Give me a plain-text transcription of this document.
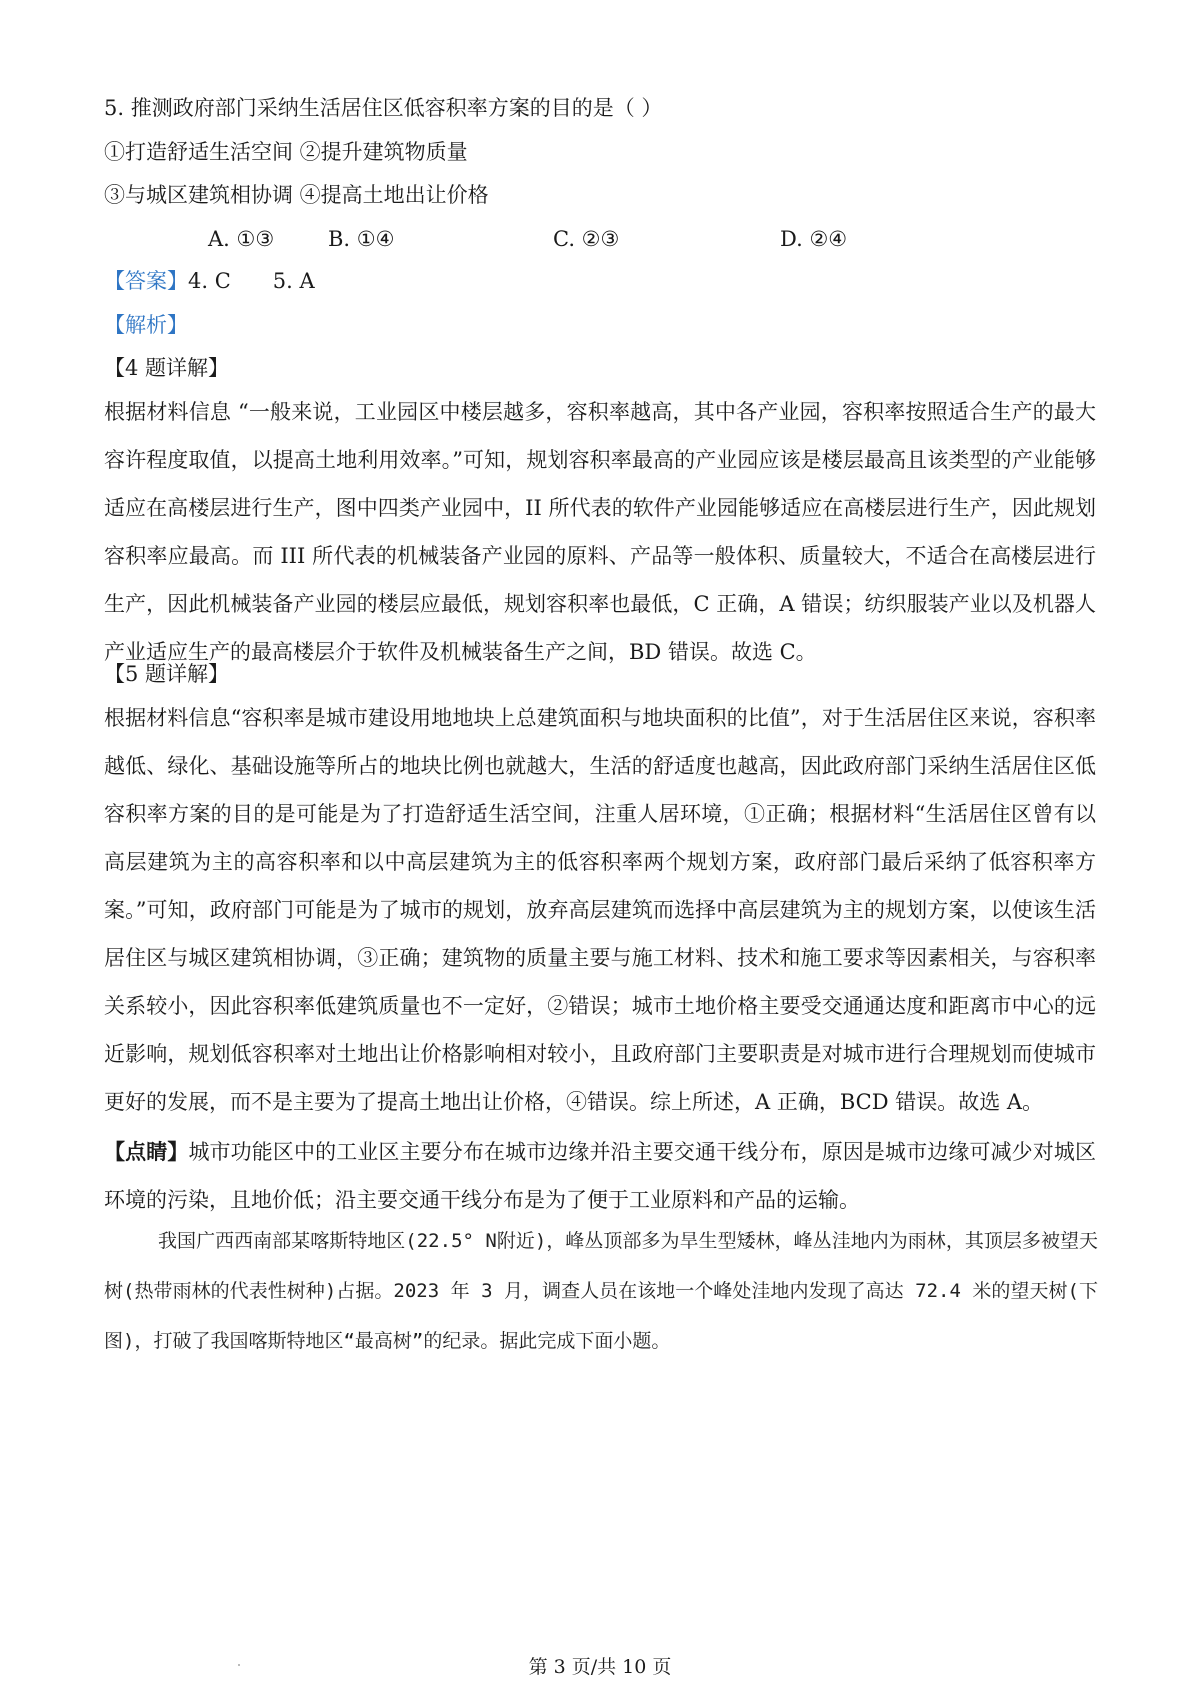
5. 推测政府部门采纳生活居住区低容积率方案的目的是（ ）
①打造舒适生活空间 ②提升建筑物质量
③与城区建筑相协调 ④提高土地出让价格
A. ①③	B. ①④	C. ②③	D. ②④
【答案】4. C 5. A
【解析】
【4 题详解】
根据材料信息 “一般来说，工业园区中楼层越多，容积率越高，其中各产业园，容积率按照适合生产的最大容许程度取值，以提高土地利用效率。”可知，规划容积率最高的产业园应该是楼层最高且该类型的产业能够适应在高楼层进行生产，图中四类产业园中，II 所代表的软件产业园能够适应在高楼层进行生产，因此规划容积率应最高。而 III 所代表的机械装备产业园的原料、产品等一般体积、质量较大，不适合在高楼层进行生产，因此机械装备产业园的楼层应最低，规划容积率也最低，C 正确，A 错误；纺织服装产业以及机器人产业适应生产的最高楼层介于软件及机械装备生产之间，BD 错误。故选 C。
【5 题详解】
根据材料信息“容积率是城市建设用地地块上总建筑面积与地块面积的比值”，对于生活居住区来说，容积率越低、绿化、基础设施等所占的地块比例也就越大，生活的舒适度也越高，因此政府部门采纳生活居住区低容积率方案的目的是可能是为了打造舒适生活空间，注重人居环境，①正确；根据材料“生活居住区曾有以高层建筑为主的高容积率和以中高层建筑为主的低容积率两个规划方案，政府部门最后采纳了低容积率方案。”可知，政府部门可能是为了城市的规划，放弃高层建筑而选择中高层建筑为主的规划方案，以使该生活居住区与城区建筑相协调，③正确；建筑物的质量主要与施工材料、技术和施工要求等因素相关，与容积率关系较小，因此容积率低建筑质量也不一定好，②错误；城市土地价格主要受交通通达度和距离市中心的远近影响，规划低容积率对土地出让价格影响相对较小，且政府部门主要职责是对城市进行合理规划而使城市更好的发展，而不是主要为了提高土地出让价格，④错误。综上所述，A 正确，BCD 错误。故选 A。
【点睛】城市功能区中的工业区主要分布在城市边缘并沿主要交通干线分布，原因是城市边缘可减少对城区环境的污染，且地价低；沿主要交通干线分布是为了便于工业原料和产品的运输。
我国广西西南部某喀斯特地区(22.5° N附近)，峰丛顶部多为旱生型矮林，峰丛洼地内为雨林，其顶层多被望天树(热带雨林的代表性树种)占据。2023 年 3 月，调查人员在该地一个峰处洼地内发现了高达 72.4 米的望天树(下图)，打破了我国喀斯特地区“最高树”的纪录。据此完成下面小题。
第 3 页/共 10 页
